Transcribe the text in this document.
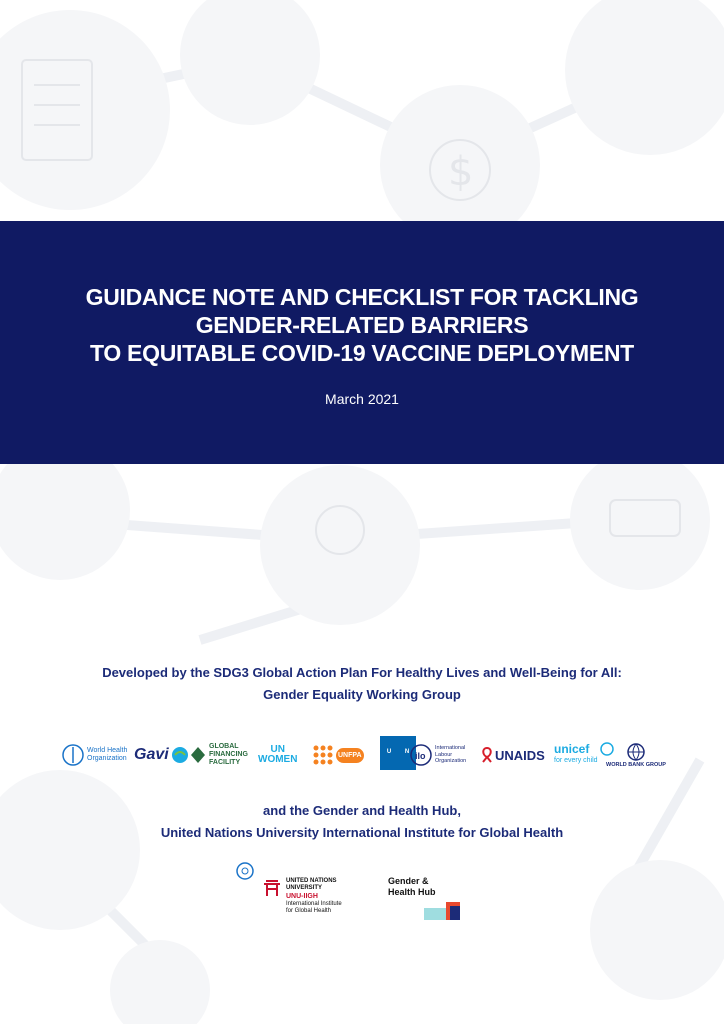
$
GUIDANCE NOTE AND CHECKLIST FOR TACKLING
GENDER-RELATED BARRIERS
TO EQUITABLE COVID-19 VACCINE DEPLOYMENT
March 2021
Developed by the SDG3 Global Action Plan For Healthy Lives and Well-Being for All:
Gender Equality Working Group
World Health
Organization Gavi	GLOBAL
FINANCING
FACILITY
UN
WOMEN	UNFPA	U	N ilo
International
Labour
Organization UNAIDS unicef
for every child
WORLD BANK GROUP
and the Gender and Health Hub,
United Nations University International Institute for Global Health
UNITED NATIONS
UNIVERSITY
UNU-IIGH
International Institute
for Global Health
Gender &
Health Hub
